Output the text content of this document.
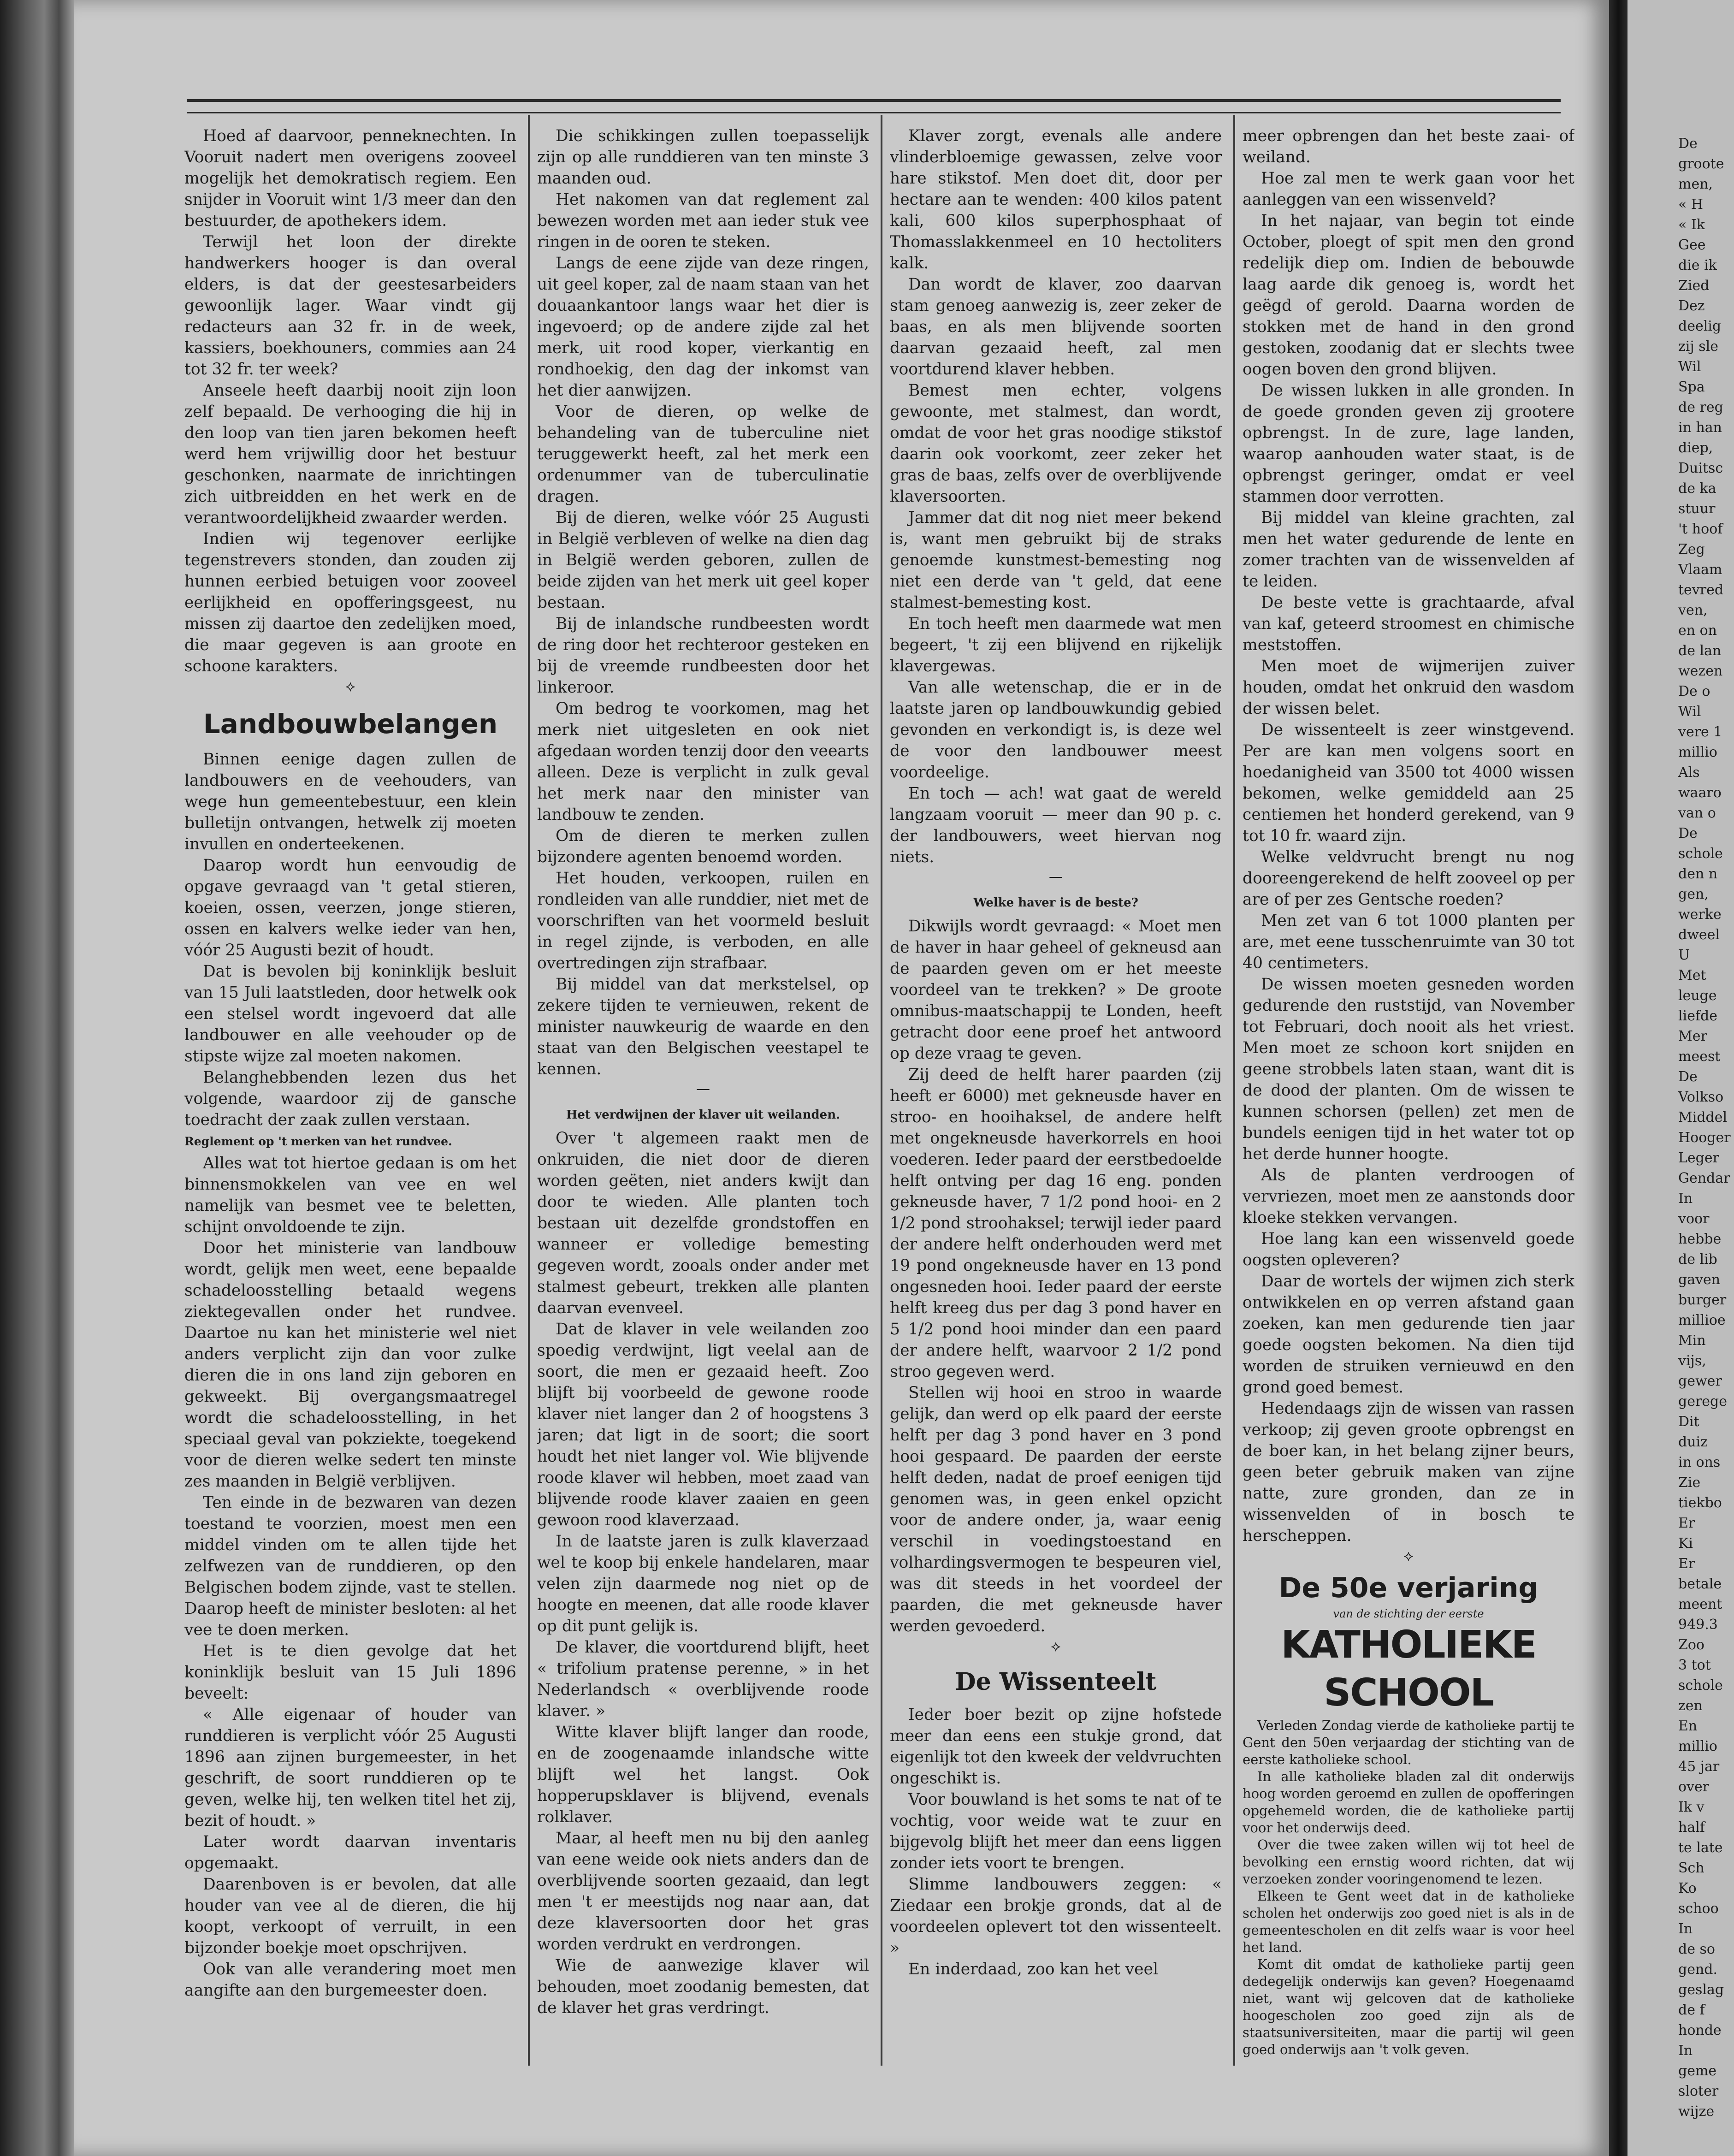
Hoed af daarvoor, penneknechten. In Vooruit nadert men overigens zooveel mogelijk het demokratisch regiem. Een snijder in Vooruit wint 1/3 meer dan den bestuurder, de apothekers idem.

Terwijl het loon der direkte handwerkers hooger is dan overal elders, is dat der geestesarbeiders gewoonlijk lager. Waar vindt gij redacteurs aan 32 fr. in de week, kassiers, boekhouners, commies aan 24 tot 32 fr. ter week?

Anseele heeft daarbij nooit zijn loon zelf bepaald. De verhooging die hij in den loop van tien jaren bekomen heeft werd hem vrijwillig door het bestuur geschonken, naarmate de inrichtingen zich uitbreidden en het werk en de verantwoordelijkheid zwaarder werden.

Indien wij tegenover eerlijke tegenstrevers stonden, dan zouden zij hunnen eerbied betuigen voor zooveel eerlijkheid en opofferingsgeest, nu missen zij daartoe den zedelijken moed, die maar gegeven is aan groote en schoone karakters.

⟡
Landbouwbelangen

Binnen eenige dagen zullen de landbouwers en de veehouders, van wege hun gemeentebestuur, een klein bulletijn ontvangen, hetwelk zij moeten invullen en onderteekenen.

Daarop wordt hun eenvoudig de opgave gevraagd van 't getal stieren, koeien, ossen, veerzen, jonge stieren, ossen en kalvers welke ieder van hen, vóór 25 Augusti bezit of houdt.

Dat is bevolen bij koninklijk besluit van 15 Juli laatstleden, door hetwelk ook een stelsel wordt ingevoerd dat alle landbouwer en alle veehouder op de stipste wijze zal moeten nakomen.

Belanghebbenden lezen dus het volgende, waardoor zij de gansche toedracht der zaak zullen verstaan.

Reglement op 't merken van het rundvee.

Alles wat tot hiertoe gedaan is om het binnensmokkelen van vee en wel namelijk van besmet vee te beletten, schijnt onvoldoende te zijn.

Door het ministerie van landbouw wordt, gelijk men weet, eene bepaalde schadeloosstelling betaald wegens ziektegevallen onder het rundvee. Daartoe nu kan het ministerie wel niet anders verplicht zijn dan voor zulke dieren die in ons land zijn geboren en gekweekt. Bij overgangsmaatregel wordt die schadeloosstelling, in het speciaal geval van pokziekte, toegekend voor de dieren welke sedert ten minste zes maanden in België verblijven.

Ten einde in de bezwaren van dezen toestand te voorzien, moest men een middel vinden om te allen tijde het zelfwezen van de runddieren, op den Belgischen bodem zijnde, vast te stellen. Daarop heeft de minister besloten: al het vee te doen merken.

Het is te dien gevolge dat het koninklijk besluit van 15 Juli 1896 beveelt:

« Alle eigenaar of houder van runddieren is verplicht vóór 25 Augusti 1896 aan zijnen burgemeester, in het geschrift, de soort runddieren op te geven, welke hij, ten welken titel het zij, bezit of houdt. »

Later wordt daarvan inventaris opgemaakt.

Daarenboven is er bevolen, dat alle houder van vee al de dieren, die hij koopt, verkoopt of verruilt, in een bijzonder boekje moet opschrijven.

Ook van alle verandering moet men aangifte aan den burgemeester doen.

Die schikkingen zullen toepasselijk zijn op alle runddieren van ten minste 3 maanden oud.

Het nakomen van dat reglement zal bewezen worden met aan ieder stuk vee ringen in de ooren te steken.

Langs de eene zijde van deze ringen, uit geel koper, zal de naam staan van het douaankantoor langs waar het dier is ingevoerd; op de andere zijde zal het merk, uit rood koper, vierkantig en rondhoekig, den dag der inkomst van het dier aanwijzen.

Voor de dieren, op welke de behandeling van de tuberculine niet teruggewerkt heeft, zal het merk een ordenummer van de tuberculinatie dragen.

Bij de dieren, welke vóór 25 Augusti in België verbleven of welke na dien dag in België werden geboren, zullen de beide zijden van het merk uit geel koper bestaan.

Bij de inlandsche rundbeesten wordt de ring door het rechteroor gesteken en bij de vreemde rundbeesten door het linkeroor.

Om bedrog te voorkomen, mag het merk niet uitgesleten en ook niet afgedaan worden tenzij door den veearts alleen. Deze is verplicht in zulk geval het merk naar den minister van landbouw te zenden.

Om de dieren te merken zullen bijzondere agenten benoemd worden.

Het houden, verkoopen, ruilen en rondleiden van alle runddier, niet met de voorschriften van het voormeld besluit in regel zijnde, is verboden, en alle overtredingen zijn strafbaar.

Bij middel van dat merkstelsel, op zekere tijden te vernieuwen, rekent de minister nauwkeurig de waarde en den staat van den Belgischen veestapel te kennen.

—
Het verdwijnen der klaver uit weilanden.

Over 't algemeen raakt men de onkruiden, die niet door de dieren worden geëten, niet anders kwijt dan door te wieden. Alle planten toch bestaan uit dezelfde grondstoffen en wanneer er volledige bemesting gegeven wordt, zooals onder ander met stalmest gebeurt, trekken alle planten daarvan evenveel.

Dat de klaver in vele weilanden zoo spoedig verdwijnt, ligt veelal aan de soort, die men er gezaaid heeft. Zoo blijft bij voorbeeld de gewone roode klaver niet langer dan 2 of hoogstens 3 jaren; dat ligt in de soort; die soort houdt het niet langer vol. Wie blijvende roode klaver wil hebben, moet zaad van blijvende roode klaver zaaien en geen gewoon rood klaverzaad.

In de laatste jaren is zulk klaverzaad wel te koop bij enkele handelaren, maar velen zijn daarmede nog niet op de hoogte en meenen, dat alle roode klaver op dit punt gelijk is.

De klaver, die voortdurend blijft, heet « trifolium pratense perenne, » in het Nederlandsch « overblijvende roode klaver. »

Witte klaver blijft langer dan roode, en de zoogenaamde inlandsche witte blijft wel het langst. Ook hopperupsklaver is blijvend, evenals rolklaver.

Maar, al heeft men nu bij den aanleg van eene weide ook niets anders dan de overblijvende soorten gezaaid, dan legt men 't er meestijds nog naar aan, dat deze klaversoorten door het gras worden verdrukt en verdrongen.

Wie de aanwezige klaver wil behouden, moet zoodanig bemesten, dat de klaver het gras verdringt.

Klaver zorgt, evenals alle andere vlinderbloemige gewassen, zelve voor hare stikstof. Men doet dit, door per hectare aan te wenden: 400 kilos patent kali, 600 kilos superphosphaat of Thomasslakkenmeel en 10 hectoliters kalk.

Dan wordt de klaver, zoo daarvan stam genoeg aanwezig is, zeer zeker de baas, en als men blijvende soorten daarvan gezaaid heeft, zal men voortdurend klaver hebben.

Bemest men echter, volgens gewoonte, met stalmest, dan wordt, omdat de voor het gras noodige stikstof daarin ook voorkomt, zeer zeker het gras de baas, zelfs over de overblijvende klaversoorten.

Jammer dat dit nog niet meer bekend is, want men gebruikt bij de straks genoemde kunstmest-bemesting nog niet een derde van 't geld, dat eene stalmest-bemesting kost.

En toch heeft men daarmede wat men begeert, 't zij een blijvend en rijkelijk klavergewas.

Van alle wetenschap, die er in de laatste jaren op landbouwkundig gebied gevonden en verkondigt is, is deze wel de voor den landbouwer meest voordeelige.

En toch — ach! wat gaat de wereld langzaam vooruit — meer dan 90 p. c. der landbouwers, weet hiervan nog niets.

—
Welke haver is de beste?

Dikwijls wordt gevraagd: « Moet men de haver in haar geheel of gekneusd aan de paarden geven om er het meeste voordeel van te trekken? » De groote omnibus-maatschappij te Londen, heeft getracht door eene proef het antwoord op deze vraag te geven.

Zij deed de helft harer paarden (zij heeft er 6000) met gekneusde haver en stroo- en hooihaksel, de andere helft met ongekneusde haverkorrels en hooi voederen. Ieder paard der eerstbedoelde helft ontving per dag 16 eng. ponden gekneusde haver, 7 1/2 pond hooi- en 2 1/2 pond stroohaksel; terwijl ieder paard der andere helft onderhouden werd met 19 pond ongekneusde haver en 13 pond ongesneden hooi. Ieder paard der eerste helft kreeg dus per dag 3 pond haver en 5 1/2 pond hooi minder dan een paard der andere helft, waarvoor 2 1/2 pond stroo gegeven werd.

Stellen wij hooi en stroo in waarde gelijk, dan werd op elk paard der eerste helft per dag 3 pond haver en 3 pond hooi gespaard. De paarden der eerste helft deden, nadat de proef eenigen tijd genomen was, in geen enkel opzicht voor de andere onder, ja, waar eenig verschil in voedingstoestand en volhardingsvermogen te bespeuren viel, was dit steeds in het voordeel der paarden, die met gekneusde haver werden gevoederd.

⟡
De Wissenteelt

Ieder boer bezit op zijne hofstede meer dan eens een stukje grond, dat eigenlijk tot den kweek der veldvruchten ongeschikt is.

Voor bouwland is het soms te nat of te vochtig, voor weide wat te zuur en bijgevolg blijft het meer dan eens liggen zonder iets voort te brengen.

Slimme landbouwers zeggen: « Ziedaar een brokje gronds, dat al de voordeelen oplevert tot den wissenteelt. »

En inderdaad, zoo kan het veel

meer opbrengen dan het beste zaai- of weiland.

Hoe zal men te werk gaan voor het aanleggen van een wissenveld?

In het najaar, van begin tot einde October, ploegt of spit men den grond redelijk diep om. Indien de bebouwde laag aarde dik genoeg is, wordt het geëgd of gerold. Daarna worden de stokken met de hand in den grond gestoken, zoodanig dat er slechts twee oogen boven den grond blijven.

De wissen lukken in alle gronden. In de goede gronden geven zij grootere opbrengst. In de zure, lage landen, waarop aanhouden water staat, is de opbrengst geringer, omdat er veel stammen door verrotten.

Bij middel van kleine grachten, zal men het water gedurende de lente en zomer trachten van de wissenvelden af te leiden.

De beste vette is grachtaarde, afval van kaf, geteerd stroomest en chimische meststoffen.

Men moet de wijmerijen zuiver houden, omdat het onkruid den wasdom der wissen belet.

De wissenteelt is zeer winstgevend. Per are kan men volgens soort en hoedanigheid van 3500 tot 4000 wissen bekomen, welke gemiddeld aan 25 centiemen het honderd gerekend, van 9 tot 10 fr. waard zijn.

Welke veldvrucht brengt nu nog dooreengerekend de helft zooveel op per are of per zes Gentsche roeden?

Men zet van 6 tot 1000 planten per are, met eene tusschenruimte van 30 tot 40 centimeters.

De wissen moeten gesneden worden gedurende den ruststijd, van November tot Februari, doch nooit als het vriest. Men moet ze schoon kort snijden en geene strobbels laten staan, want dit is de dood der planten. Om de wissen te kunnen schorsen (pellen) zet men de bundels eenigen tijd in het water tot op het derde hunner hoogte.

Als de planten verdroogen of vervriezen, moet men ze aanstonds door kloeke stekken vervangen.

Hoe lang kan een wissenveld goede oogsten opleveren?

Daar de wortels der wijmen zich sterk ontwikkelen en op verren afstand gaan zoeken, kan men gedurende tien jaar goede oogsten bekomen. Na dien tijd worden de struiken vernieuwd en den grond goed bemest.

Hedendaags zijn de wissen van rassen verkoop; zij geven groote opbrengst en de boer kan, in het belang zijner beurs, geen beter gebruik maken van zijne natte, zure gronden, dan ze in wissenvelden of in bosch te herscheppen.

⟡
De 50e verjaring
van de stichting der eerste
KATHOLIEKE SCHOOL

Verleden Zondag vierde de katholieke partij te Gent den 50en verjaardag der stichting van de eerste katholieke school.

In alle katholieke bladen zal dit onderwijs hoog worden geroemd en zullen de opofferingen opgehemeld worden, die de katholieke partij voor het onderwijs deed.

Over die twee zaken willen wij tot heel de bevolking een ernstig woord richten, dat wij verzoeken zonder vooringenomend te lezen.

Elkeen te Gent weet dat in de katholieke scholen het onderwijs zoo goed niet is als in de gemeentescholen en dit zelfs waar is voor heel het land.

Komt dit omdat de katholieke partij geen dedegelijk onderwijs kan geven? Hoegenaamd niet, want wij gelcoven dat de katholieke hoogescholen zoo goed zijn als de staatsuniversiteiten, maar die partij wil geen goed onderwijs aan 't volk geven.

De
groote
men,
« H
« Ik
Gee
die ik
Zied
Dez
deelig
zij sle
Wil
Spa
de reg
in han
diep,
Duitsc
de ka
stuur
't hoof
Zeg
Vlaam
tevred
ven,
en on
de lan
wezen
De o
Wil
vere 1
millio
Als
waaro
van o
De
schole
den n
gen,
werke
dweel
U
Met
leuge
liefde
Mer
meest
De
Volkso
Middel
Hooger
Leger
Gendar
In
voor
hebbe
de lib
gaven
burger
millioe
Min
vijs,
gewer
gerege
Dit
duiz
in ons
Zie
tiekbo
Er
Ki
Er
betale
meent
949.3
Zoo
3 tot
schole
zen
En
millio
45 jar
over
Ik v
half
te late
Sch
Ko
schoo
In
de so
gend.
geslag
de f
honde
In
geme
sloter
wijze
